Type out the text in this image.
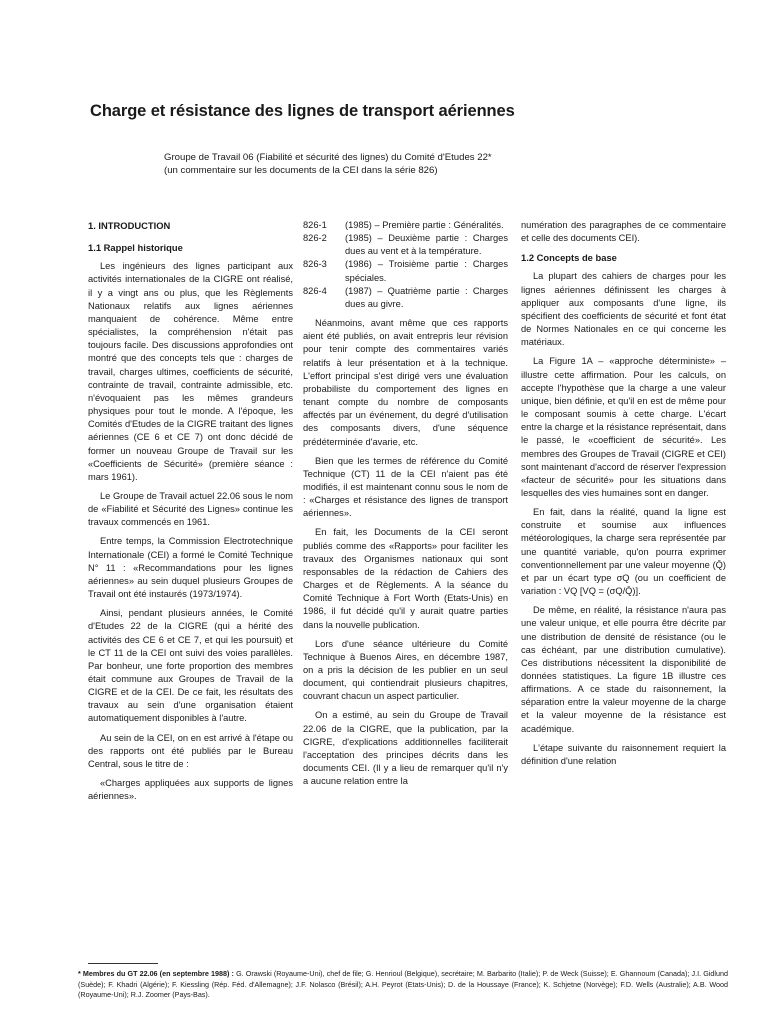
Charge et résistance des lignes de transport aériennes
Groupe de Travail 06 (Fiabilité et sécurité des lignes) du Comité d'Etudes 22*
(un commentaire sur les documents de la CEI dans la série 826)
1. INTRODUCTION
1.1 Rappel historique

Les ingénieurs des lignes participant aux activités internationales de la CIGRE ont réalisé, il y a vingt ans ou plus, que les Règlements Nationaux relatifs aux lignes aériennes manquaient de cohérence. Même entre spécialistes, la compréhension n'était pas toujours facile. Des discussions approfondies ont montré que des concepts tels que : charges de travail, charges ultimes, coefficients de sécurité, contrainte de travail, contrainte admissible, etc. n'évoquaient pas les mêmes grandeurs physiques pour tout le monde. A l'époque, les Comités d'Etudes de la CIGRE traitant des lignes aériennes (CE 6 et CE 7) ont donc décidé de former un nouveau Groupe de Travail sur les «Coefficients de Sécurité» (première séance : mars 1961).

Le Groupe de Travail actuel 22.06 sous le nom de «Fiabilité et Sécurité des Lignes» continue les travaux commencés en 1961.

Entre temps, la Commission Electrotechnique Internationale (CEI) a formé le Comité Technique N° 11 : «Recommandations pour les lignes aériennes» au sein duquel plusieurs Groupes de Travail ont été instaurés (1973/1974).

Ainsi, pendant plusieurs années, le Comité d'Etudes 22 de la CIGRE (qui a hérité des activités des CE 6 et CE 7, et qui les poursuit) et le CT 11 de la CEI ont suivi des voies parallèles. Par bonheur, une forte proportion des membres était commune aux Groupes de Travail de la CIGRE et de la CEI. De ce fait, les résultats des travaux au sein d'une organisation étaient automatiquement disponibles à l'autre.

Au sein de la CEI, on en est arrivé à l'étape ou des rapports ont été publiés par le Bureau Central, sous le titre de :

«Charges appliquées aux supports de lignes aériennes».

826-1	(1985) – Première partie : Généralités.
826-2	(1985) – Deuxième partie : Charges dues au vent et à la température.
826-3	(1986) – Troisième partie : Charges spéciales.
826-4	(1987) – Quatrième partie : Charges dues au givre.

Néanmoins, avant même que ces rapports aient été publiés, on avait entrepris leur révision pour tenir compte des commentaires variés relatifs à leur présentation et à la technique. L'effort principal s'est dirigé vers une évaluation probabiliste du comportement des lignes en tenant compte du nombre de composants affectés par un événement, du degré d'utilisation des composants divers, d'une séquence prédéterminée d'avarie, etc.

Bien que les termes de référence du Comité Technique (CT) 11 de la CEI n'aient pas été modifiés, il est maintenant connu sous le nom de : «Charges et résistance des lignes de transport aériennes».

En fait, les Documents de la CEI seront publiés comme des «Rapports» pour faciliter les travaux des Organismes nationaux qui sont responsables de la rédaction de Cahiers des Charges et de Règlements. A la séance du Comité Technique à Fort Worth (Etats-Unis) en 1986, il fut décidé qu'il y aurait quatre parties dans la nouvelle publication.

Lors d'une séance ultérieure du Comité Technique à Buenos Aires, en décembre 1987, on a pris la décision de les publier en un seul document, qui contiendrait plusieurs chapitres, couvrant chacun un aspect particulier.

On a estimé, au sein du Groupe de Travail 22.06 de la CIGRE, que la publication, par la CIGRE, d'explications additionnelles faciliterait l'acceptation des principes décrits dans les documents CEI. (Il y a lieu de remarquer qu'il n'y a aucune relation entre la

numération des paragraphes de ce commentaire et celle des documents CEI).

1.2 Concepts de base

La plupart des cahiers de charges pour les lignes aériennes définissent les charges à appliquer aux composants d'une ligne, ils spécifient des coefficients de sécurité et font état de Normes Nationales en ce qui concerne les matériaux.

La Figure 1A – «approche déterministe» – illustre cette affirmation. Pour les calculs, on accepte l'hypothèse que la charge a une valeur unique, bien définie, et qu'il en est de même pour le composant soumis à cette charge. L'écart entre la charge et la résistance représentait, dans le passé, le «coefficient de sécurité». Les membres des Groupes de Travail (CIGRE et CEI) sont maintenant d'accord de réserver l'expression «facteur de sécurité» pour les situations dans lesquelles des vies humaines sont en danger.

En fait, dans la réalité, quand la ligne est construite et soumise aux influences météorologiques, la charge sera représentée par une quantité variable, qu'on pourra exprimer conventionnellement par une valeur moyenne (Q̄) et par un écart type σQ (ou un coefficient de variation : VQ [VQ = (σQ/Q̄)].

De même, en réalité, la résistance n'aura pas une valeur unique, et elle pourra être décrite par une distribution de densité de résistance (ou le cas échéant, par une distribution cumulative). Ces distributions nécessitent la disponibilité de données statistiques. La figure 1B illustre ces affirmations. A ce stade du raisonnement, la séparation entre la valeur moyenne de la charge et la valeur moyenne de la résistance est académique.

L'étape suivante du raisonnement requiert la définition d'une relation

* Membres du GT 22.06 (en septembre 1988) : G. Orawski (Royaume-Uni), chef de file; G. Henrioul (Belgique), secrétaire; M. Barbarito (Italie); P. de Weck (Suisse); E. Ghannoum (Canada); J.I. Gidlund (Suède); F. Khadri (Algérie); F. Kiessling (Rép. Féd. d'Allemagne); J.F. Nolasco (Brésil); A.H. Peyrot (Etats-Unis); D. de la Houssaye (France); K. Schjetne (Norvège); F.D. Wells (Australie); A.B. Wood (Royaume-Uni); R.J. Zoomer (Pays-Bas).
